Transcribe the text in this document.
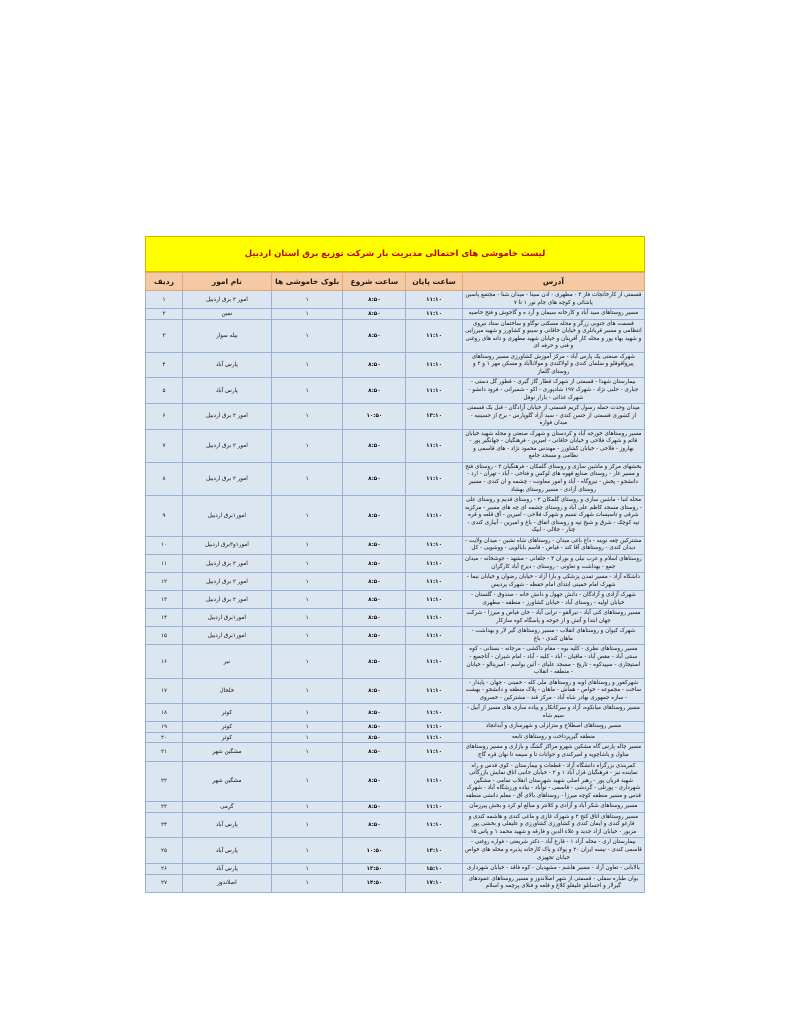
لیست خاموشی های احتمالی مدیریت بار شرکت توزیع برق استان اردبیل
آدرس	ساعت پایان	ساعت شروع	بلوک خاموشی ها	نام امور	ردیف
قسمتی از کارخانجات فاز ۳ - مطهری - ادن سینا - میدان شنا - مجتمع پاسین پاشائی و کوچه های جام نور ۱ تا ۷	۱۱:۱۰	۸:۵۰	۱	امور ۲ برق اردبیل	۱
مسیر روستاهای سید آباد و کارخانه سیمان و آرد ه و گاجوش و فتح خاصیه	۱۱:۱۰	۸:۵۰	۱	نمین	۲
قسمت های جنوبی زرگر و محله مسکنی نوگاو و ساختمان ستاد نیروی انتظامی و مسیر قربانلری و خیابان خاقانی و سینو و کشاورز و شهید میرزایی و شهید بهاء پور و محله کار آفرینان و خیابان شهید مطهری و دانه های روغنی و فنی و حرفه ای	۱۱:۱۰	۸:۵۰	۱	بیله سوار	۳
شهرک صنعتی یک پارس آباد - مرکز آموزش کشاورزی مسیر روستاهای پیرواقوقلو و سلمان کندی و اولاکندی و مولاناآباد و مسکن مهر ۱ و ۲ و روستای گلماز	۱۱:۱۰	۸:۵۰	۱	پارس آباد	۴
بیمارستان شهدا - قسمتی از شهرک قطار گاز گیری - قطور گل دستی - جباری - حلبی نژاد - شهرک ۱۹۷ شادپوری - اکو - شمیرانی - فرود دانشو - شهرک غذائی - بازار نوفل	۱۱:۱۰	۸:۵۰	۱	پارس آباد	۵
میدان وحدت حمله رسول کریم قسمتی از خیابان آزادگان - قبل یک قسمتی از کشوری قسمتی از حسن کندی - سید آزاد گلوپارس - برخ از حسینیه - میدان فواره	۱۳:۱۰	۱۰:۵۰	۱	امور ۲ برق اردبیل	۶
مسیر روستاهای خورجه آباد و کردستان و شهرک صنعتی و محله شهید خیابان قائم و شهرک فلاحی و خیابان خاقانی - امیرین - فرهنگیان - جهانگیر پور - بهاروز - فلاحی - خیابان کشاورز - مهندس محمود نژاد - های قاسمی و نظامی و مسجد جامع	۱۱:۱۰	۸:۵۰	۱	امور ۲ برق اردبیل	۷
بخشهای مرکز و ماشین سازی و روستای گلمکان - فرهنگیان ۲ - روستای فتح و مسیر غار - روستای صنایع قهوه های لوکس و فتاحی - آباد - تهران - ارد - دانشجو - پخش - نیروگاه - آباد و امور معاونت - چشمه و ان کندی - مسیر روستای آزادی - مسیر روستای بهشاد	۱۱:۱۰	۸:۵۰	۱	امور ۲ برق اردبیل	۸
محله لنبا - ماشین سازی و روستای گلمکان ۲ - روستای قدیم و روستای علی - روستای مسجد کاظم علی آباد و روستای چشمه ای چه های مسیر - مرکزیه شرقی و تاسیسات شهرک نسیم و شهرک فلاحی - امیرین - آق قلعه و قره تپه کوچک - شرق و شیخ تپه و روستای اتفاق - باغ و امیرین - آبیاری کندی - چنار - جلالی - ابیک	۱۱:۱۰	۸:۵۰	۱	امور۱برق اردبیل	۹
مشترکین چغه نوینه - داغ باغی میدان - روستاهای شاه نشین - میدان ولایت - دیدان کندی - روستاهای آقا کند - فیاض - قاسم بابالویی - ووشویی - کل	۱۱:۱۰	۸:۵۰	۱	امور۱و۳برق اردبیل	۱۰
روستاهای اسلام و عرب نیلی و بوران ۴ - جلقانی - مشهد - جوشخانه - میدان جمع - بهداشت و تعاونی - روستای - دیزج آباد کارگران	۱۱:۱۰	۸:۵۰	۱	امور ۲ برق اردبیل	۱۱
داشکاه آزاد - مسیر تمدن پزشکی و بارا آزاد - خیابان رضوان و خیابان نیما - شهرک امام خمینی ابتدای امام حفظه - شهرک پردیس	۱۱:۱۰	۸:۵۰	۱	امور ۲ برق اردبیل	۱۲
شهرک آزادی و آزادگان - دانش جهول و دانش خانه - صندوق - گلستان - خیابان اولیه - روستای آباد - خیابان کشاورز - منطقه - مطهری	۱۱:۱۰	۸:۵۰	۱	امور ۲ برق اردبیل	۱۳
مسیر روستاهای کنی آباد - نیرالقو - ترابی آباد - خان فیاض و میرزا - شرکت جهان ابتدا و آتش و از جوجه و پاسگاه کوه سازکار	۱۱:۱۰	۸:۵۰	۱	امور۱برق اردبیل	۱۴
شهرک کیوان و روستاهای انقلاب - مسیر روستاهای گیر لار و بهداشت - ماهان کندی - باغ	۱۱:۱۰	۸:۵۰	۱	امور۱برق اردبیل	۱۵
مسیر روستاهای نظری - کلیه بوه - مقام داکشی - مرجانه - بستانی - کوه سنتی آباد - مقص آباد - ماقیان - آباد - کلیه - آباد - امام شیران - آتاجمیع - استیجاری - سپیدکوه - تاریخ - مسجد علیای - آئین بواسم - امیرینالو - خیابان - منطقه - انقلاب	۱۱:۱۰	۸:۵۰	۱	نیر	۱۶
شهرکفور و روستاهای اوبه و روستاهای ملی کله - خمینی - جهان - پایدار - ساخت - مجموعه - خواص - هماش - ماهان - پلاک منطقه و دانشجو - بهشت - سازه جمهوری بهادر شاه آباد - مرکز قند - مشترکین - خسروی	۱۱:۱۰	۸:۵۰	۱	خلخال	۱۷
مسیر روستاهای میانکوه، آزاد و سرکانکار و پیاده سازی های مسیر از آبیل - سیم شاه	۱۱:۱۰	۸:۵۰	۱	کوثر	۱۸
مسیر روستاهای اصطلاح و متزلزلی و شهرسازی و آبدانجاد	۱۱:۱۰	۸:۵۰	۱	کوثر	۱۹
منطقه گیرپرداخت و روستاهای تابعه	۱۱:۱۰	۸:۵۰	۱	کوثر	۲۰
مسیر چاله پارس گاه مشکین شهرو مراکز گشگ و بازاری و مسیر روستاهای مناول و یاشاچویه و امیرکندی و حوانات تا و سیمه تا نهان قره گاج	۱۱:۱۰	۸:۵۰	۱	مشگین شهر	۲۱
کمربندی بزرگراه دانشگاه آزاد - قطعات و بیمارستان - کوی قدس و راه نماینده نیز - فرهنگیان قزل آباد ۱ و ۲ - خیابان جانبی اتاق نمایش بازرگانی شهید قربان پور - رهبر اصلی شهید شهرستان انقلاب تمامی - مشگین شهرداری - پورتلی - گردشی - قاسمی - نوآباد - بیاده ورزشگاه آباد - شهرک قدس و مسیر منطقه کوچه میرزا - روستاهای بالای آق - معلم دانشی منطقه	۱۱:۱۰	۸:۵۰	۱	مشگین شهر	۲۲
مسیر روستاهای شکر آباد و آزادی و کلانتر و مبالغ لو کرد و بخش پیرزمان	۱۱:۱۰	۸:۵۰	۱	گرمی	۲۳
مسیر روستاهای اتاق کنج ۲ و شهرک غازی و ماغی کندی و هاشمه کندی و قارغو کندی و ایمان کندی و کشاورزی کشاورزی و علیقلی و بخشی پور مزبور - خیابان ازاد جدید و علاء الدین و فارقه و شهید محمد ۱ و پاس ۱۵	۱۱:۱۰	۸:۵۰	۱	پارس آباد	۲۴
بیمارستان اری - محله آزاد ۱ - قارغ آباد - دکتر شریعتی - فواره روغنی - قاسمی کندی - نیسه ایران ۲۰ و پولاد و پاک کارخانه پذیره و محله های خواص خیابان تجهیزی	۱۳:۱۰	۱۰:۵۰	۱	پارس آباد	۲۵
بالابانی - تعاون آزاد - مسیر هاشم - مشهدیان - کوه فاقد - خیابان شهرداری	۱۵:۱۰	۱۲:۵۰	۱	پارس آباد	۲۶
بوان طباره سفلی - قسمتی از شهر اصلاندوز و مسیر روستاهای عمودهای گیرلار و احسانلو علیقلو کلاغ و قلعه و فنلای پرچمه و اسلام	۱۷:۱۰	۱۴:۵۰	۱	اصلاندوز	۲۷
